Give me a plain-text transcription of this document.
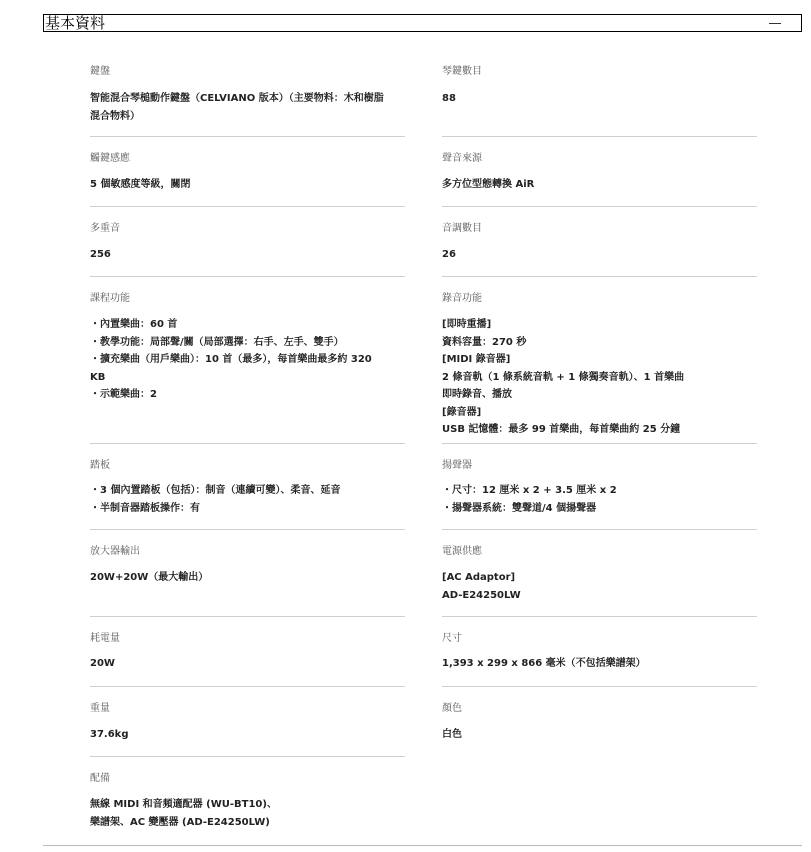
基本資料
鍵盤
智能混合琴槌動作鍵盤（CELVIANO 版本）（主要物料：木和樹脂
混合物料）
觸鍵感應
5 個敏感度等級，關閉
多重音
256
課程功能
・內置樂曲：60 首
・教學功能：局部聲/關（局部選擇：右手、左手、雙手）
・擴充樂曲（用戶樂曲）：10 首（最多），每首樂曲最多約 320
KB
・示範樂曲：2
踏板
・3 個內置踏板（包括）：制音（連續可變）、柔音、延音
・半制音器踏板操作：有
放大器輸出
20W+20W（最大輸出）
耗電量
20W
重量
37.6kg
配備
無線 MIDI 和音頻適配器 (WU-BT10)、
樂譜架、AC 變壓器 (AD-E24250LW)
琴鍵數目
88
聲音來源
多方位型態轉換 AiR
音調數目
26
錄音功能
[即時重播]
資料容量：270 秒
[MIDI 錄音器]
2 條音軌（1 條系統音軌 + 1 條獨奏音軌）、1 首樂曲
即時錄音、播放
[錄音器]
USB 記憶體：最多 99 首樂曲，每首樂曲約 25 分鐘
揚聲器
・尺寸：12 厘米 x 2 + 3.5 厘米 x 2
・揚聲器系統：雙聲道/4 個揚聲器
電源供應
[AC Adaptor]
AD-E24250LW
尺寸
1,393 x 299 x 866 毫米（不包括樂譜架）
顏色
白色
